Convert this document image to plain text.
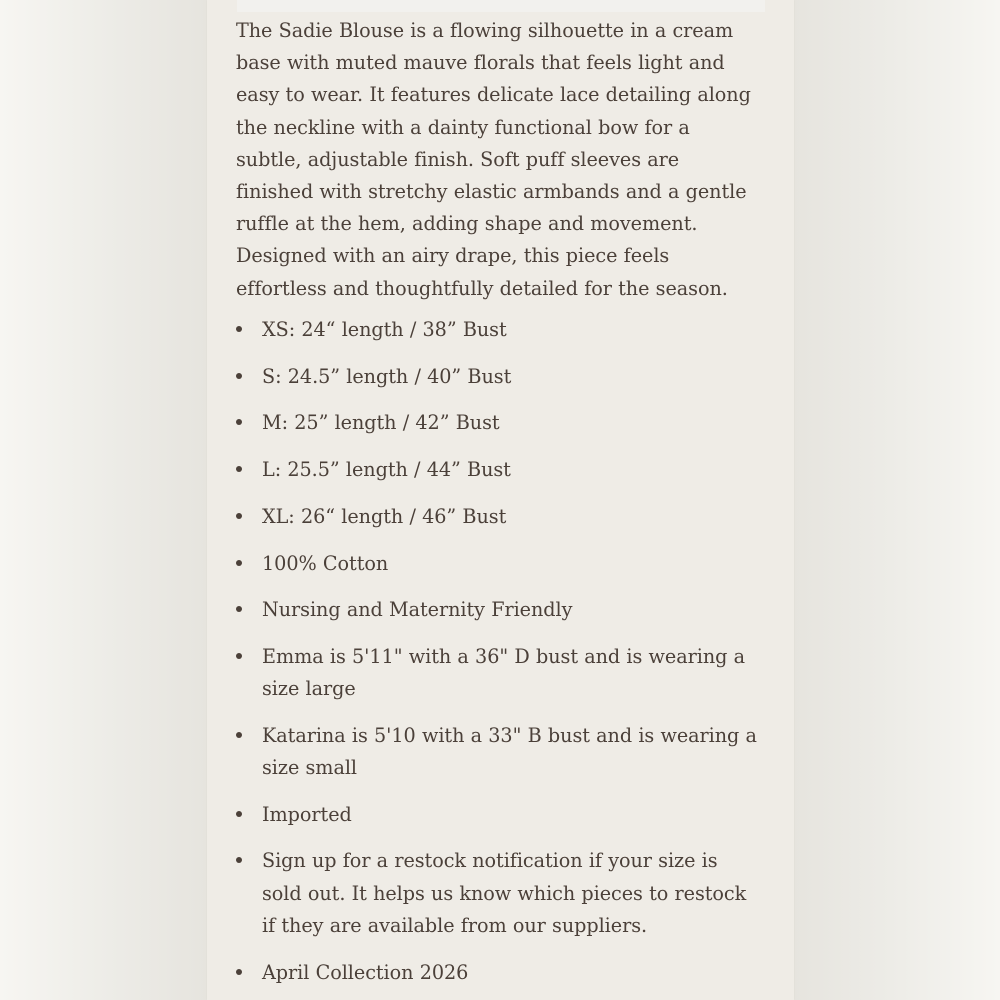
The Sadie Blouse is a flowing silhouette in a cream base with muted mauve florals that feels light and easy to wear. It features delicate lace detailing along the neckline with a dainty functional bow for a subtle, adjustable finish. Soft puff sleeves are finished with stretchy elastic armbands and a gentle ruffle at the hem, adding shape and movement. Designed with an airy drape, this piece feels effortless and thoughtfully detailed for the season.

XS: 24“ length / 38” Bust
S: 24.5” length / 40” Bust
M: 25” length / 42” Bust
L: 25.5” length / 44” Bust
XL: 26“ length / 46” Bust
100% Cotton
Nursing and Maternity Friendly
Emma is 5'11" with a 36" D bust and is wearing a size large
Katarina is 5'10 with a 33" B bust and is wearing a size small
Imported
Sign up for a restock notification if your size is sold out. It helps us know which pieces to restock if they are available from our suppliers.
April Collection 2026
